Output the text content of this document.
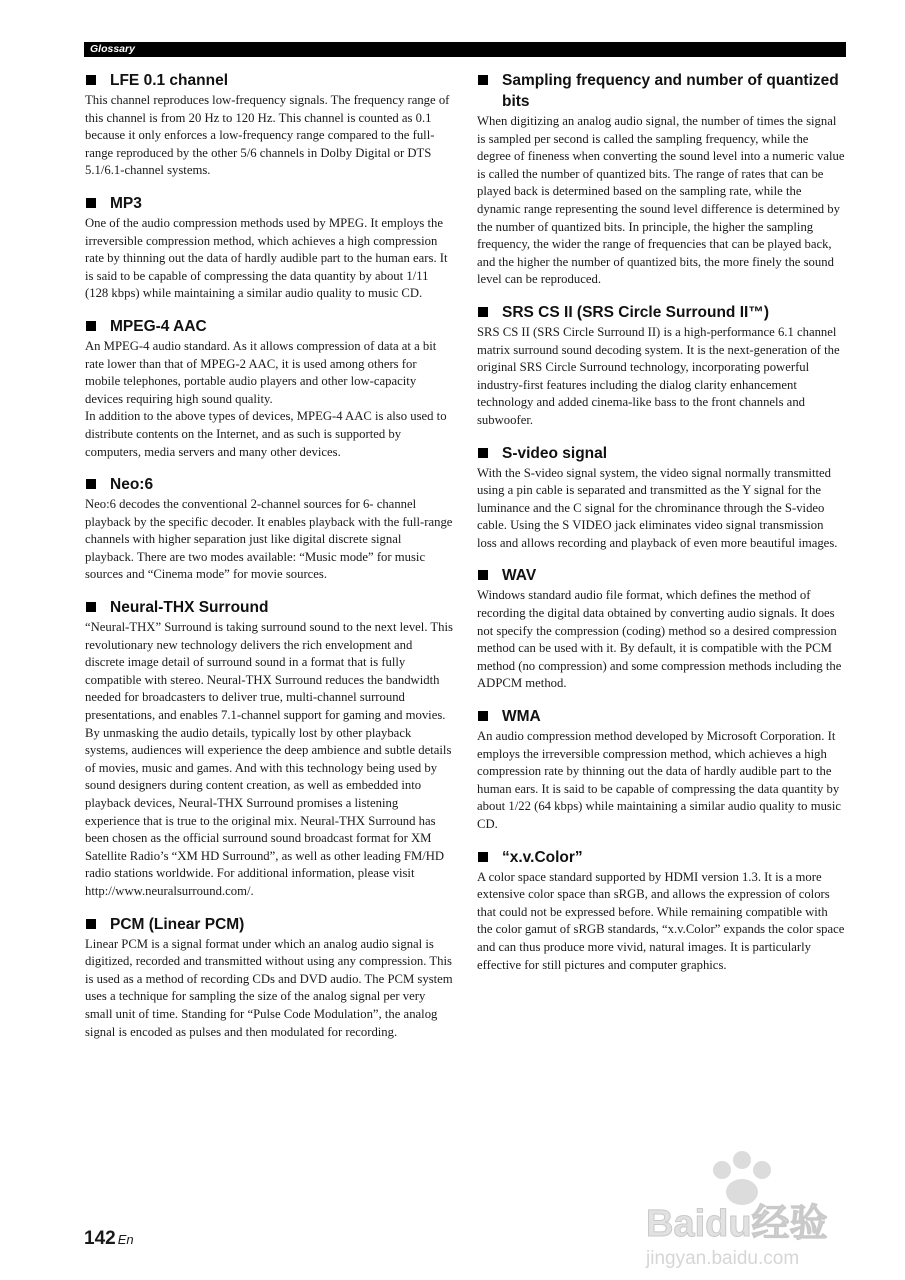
Glossary
LFE 0.1 channel

This channel reproduces low-frequency signals. The frequency range of this channel is from 20 Hz to 120 Hz. This channel is counted as 0.1 because it only enforces a low-frequency range compared to the full-range reproduced by the other 5/6 channels in Dolby Digital or DTS 5.1/6.1-channel systems.

MP3

One of the audio compression methods used by MPEG. It employs the irreversible compression method, which achieves a high compression rate by thinning out the data of hardly audible part to the human ears. It is said to be capable of compressing the data quantity by about 1/11 (128 kbps) while maintaining a similar audio quality to music CD.

MPEG-4 AAC

An MPEG-4 audio standard. As it allows compression of data at a bit rate lower than that of MPEG-2 AAC, it is used among others for mobile telephones, portable audio players and other low-capacity devices requiring high sound quality.

In addition to the above types of devices, MPEG-4 AAC is also used to distribute contents on the Internet, and as such is supported by computers, media servers and many other devices.

Neo:6

Neo:6 decodes the conventional 2-channel sources for 6- channel playback by the specific decoder. It enables playback with the full-range channels with higher separation just like digital discrete signal playback. There are two modes available: “Music mode” for music sources and “Cinema mode” for movie sources.

Neural-THX Surround

“Neural-THX” Surround is taking surround sound to the next level. This revolutionary new technology delivers the rich envelopment and discrete image detail of surround sound in a format that is fully compatible with stereo. Neural-THX Surround reduces the bandwidth needed for broadcasters to deliver true, multi-channel surround presentations, and enables 7.1-channel support for gaming and movies. By unmasking the audio details, typically lost by other playback systems, audiences will experience the deep ambience and subtle details of movies, music and games. And with this technology being used by sound designers during content creation, as well as embedded into playback devices, Neural-THX Surround promises a listening experience that is true to the original mix. Neural-THX Surround has been chosen as the official surround sound broadcast format for XM Satellite Radio’s “XM HD Surround”, as well as other leading FM/HD radio stations worldwide. For additional information, please visit http://www.neuralsurround.com/.

PCM (Linear PCM)

Linear PCM is a signal format under which an analog audio signal is digitized, recorded and transmitted without using any compression. This is used as a method of recording CDs and DVD audio. The PCM system uses a technique for sampling the size of the analog signal per very small unit of time. Standing for “Pulse Code Modulation”, the analog signal is encoded as pulses and then modulated for recording.

Sampling frequency and number of quantized bits

When digitizing an analog audio signal, the number of times the signal is sampled per second is called the sampling frequency, while the degree of fineness when converting the sound level into a numeric value is called the number of quantized bits. The range of rates that can be played back is determined based on the sampling rate, while the dynamic range representing the sound level difference is determined by the number of quantized bits. In principle, the higher the sampling frequency, the wider the range of frequencies that can be played back, and the higher the number of quantized bits, the more finely the sound level can be reproduced.

SRS CS II (SRS Circle Surround II™)

SRS CS II (SRS Circle Surround II) is a high-performance 6.1 channel matrix surround sound decoding system. It is the next-generation of the original SRS Circle Surround technology, incorporating powerful industry-first features including the dialog clarity enhancement technology and added cinema-like bass to the front channels and subwoofer.

S-video signal

With the S-video signal system, the video signal normally transmitted using a pin cable is separated and transmitted as the Y signal for the luminance and the C signal for the chrominance through the S-video cable. Using the S VIDEO jack eliminates video signal transmission loss and allows recording and playback of even more beautiful images.

WAV

Windows standard audio file format, which defines the method of recording the digital data obtained by converting audio signals. It does not specify the compression (coding) method so a desired compression method can be used with it. By default, it is compatible with the PCM method (no compression) and some compression methods including the ADPCM method.

WMA

An audio compression method developed by Microsoft Corporation. It employs the irreversible compression method, which achieves a high compression rate by thinning out the data of hardly audible part to the human ears. It is said to be capable of compressing the data quantity by about 1/22 (64 kbps) while maintaining a similar audio quality to music CD.

“x.v.Color”

A color space standard supported by HDMI version 1.3. It is a more extensive color space than sRGB, and allows the expression of colors that could not be expressed before. While remaining compatible with the color gamut of sRGB standards, “x.v.Color” expands the color space and can thus produce more vivid, natural images. It is particularly effective for still pictures and computer graphics.

142 En	Baidu经验
jingyan.baidu.com
